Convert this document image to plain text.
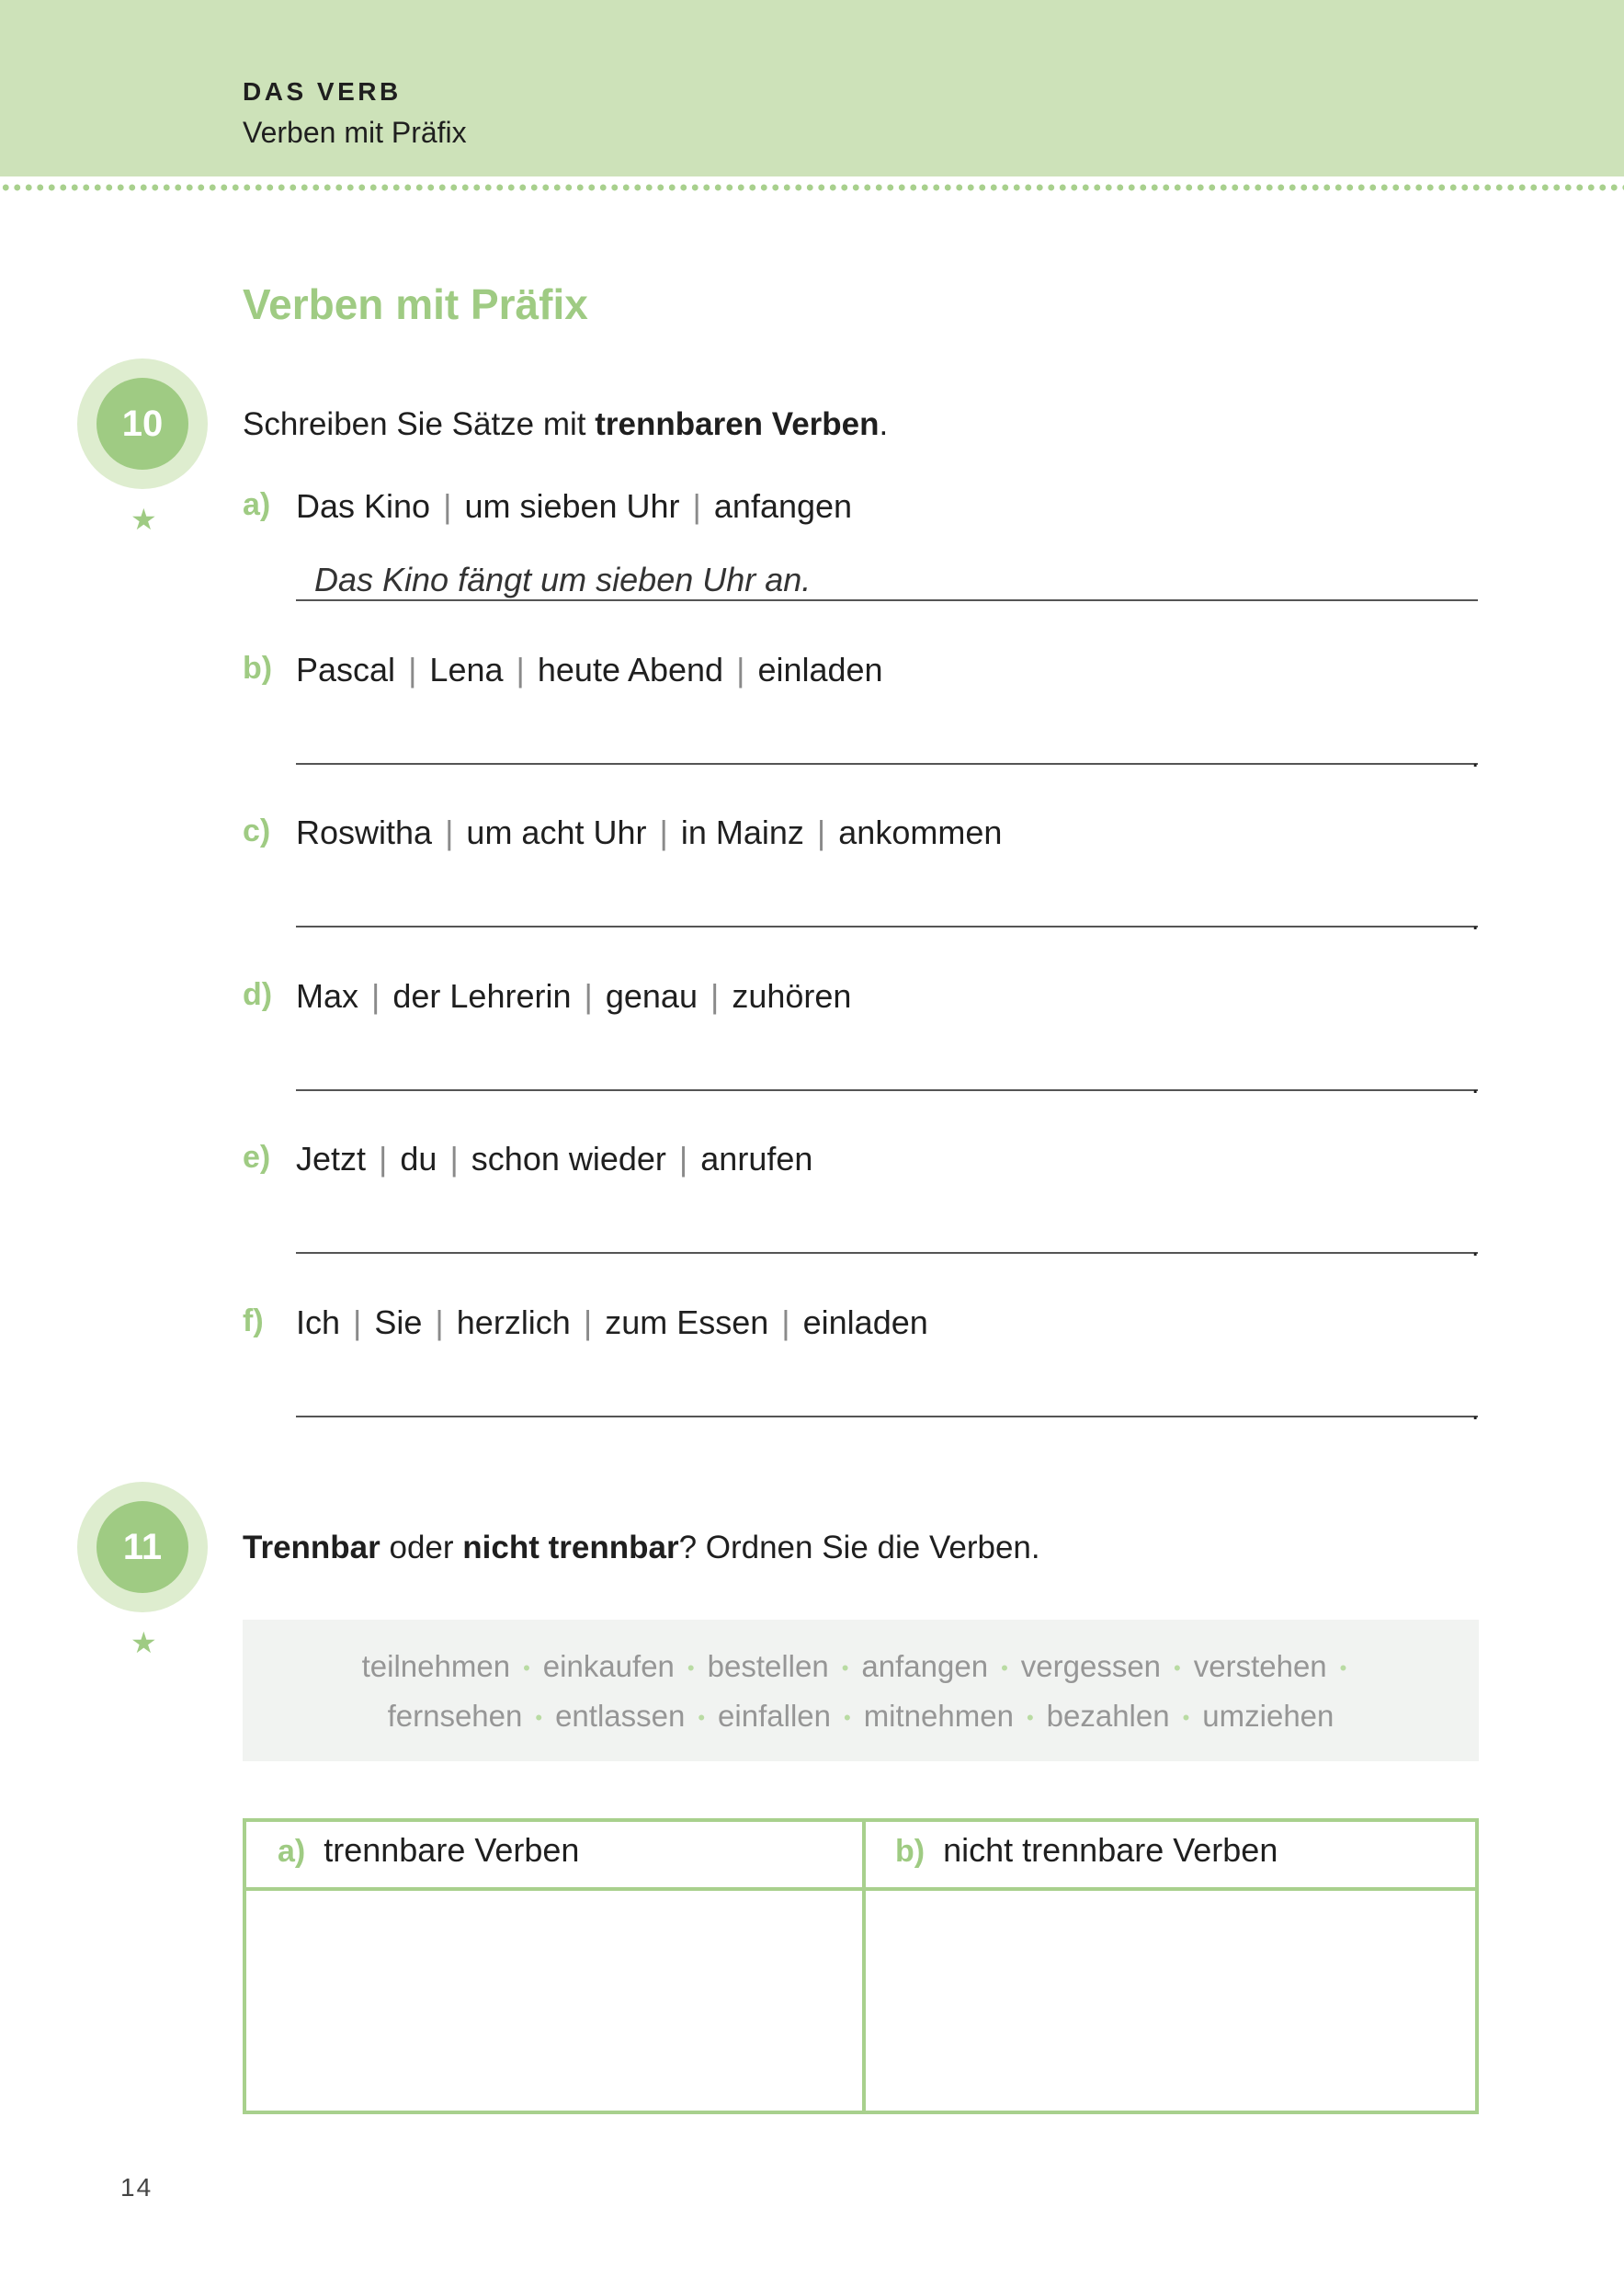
DAS VERB
Verben mit Präfix
Verben mit Präfix
10
★
Schreiben Sie Sätze mit trennbaren Verben.
a) Das Kino | um sieben Uhr | anfangen
b) Pascal | Lena | heute Abend | einladen
.
c) Roswitha | um acht Uhr | in Mainz | ankommen
.
d) Max | der Lehrerin | genau | zuhören
.
e) Jetzt | du | schon wieder | anrufen
.
f) Ich | Sie | herzlich | zum Essen | einladen
.
Das Kino fängt um sieben Uhr an.
11
★
Trennbar oder nicht trennbar? Ordnen Sie die Verben.
teilnehmen • einkaufen • bestellen • anfangen • vergessen • verstehen •
fernsehen • entlassen • einfallen • mitnehmen • bezahlen • umziehen
a) trennbare Verben	b) nicht trennbare Verben
14
